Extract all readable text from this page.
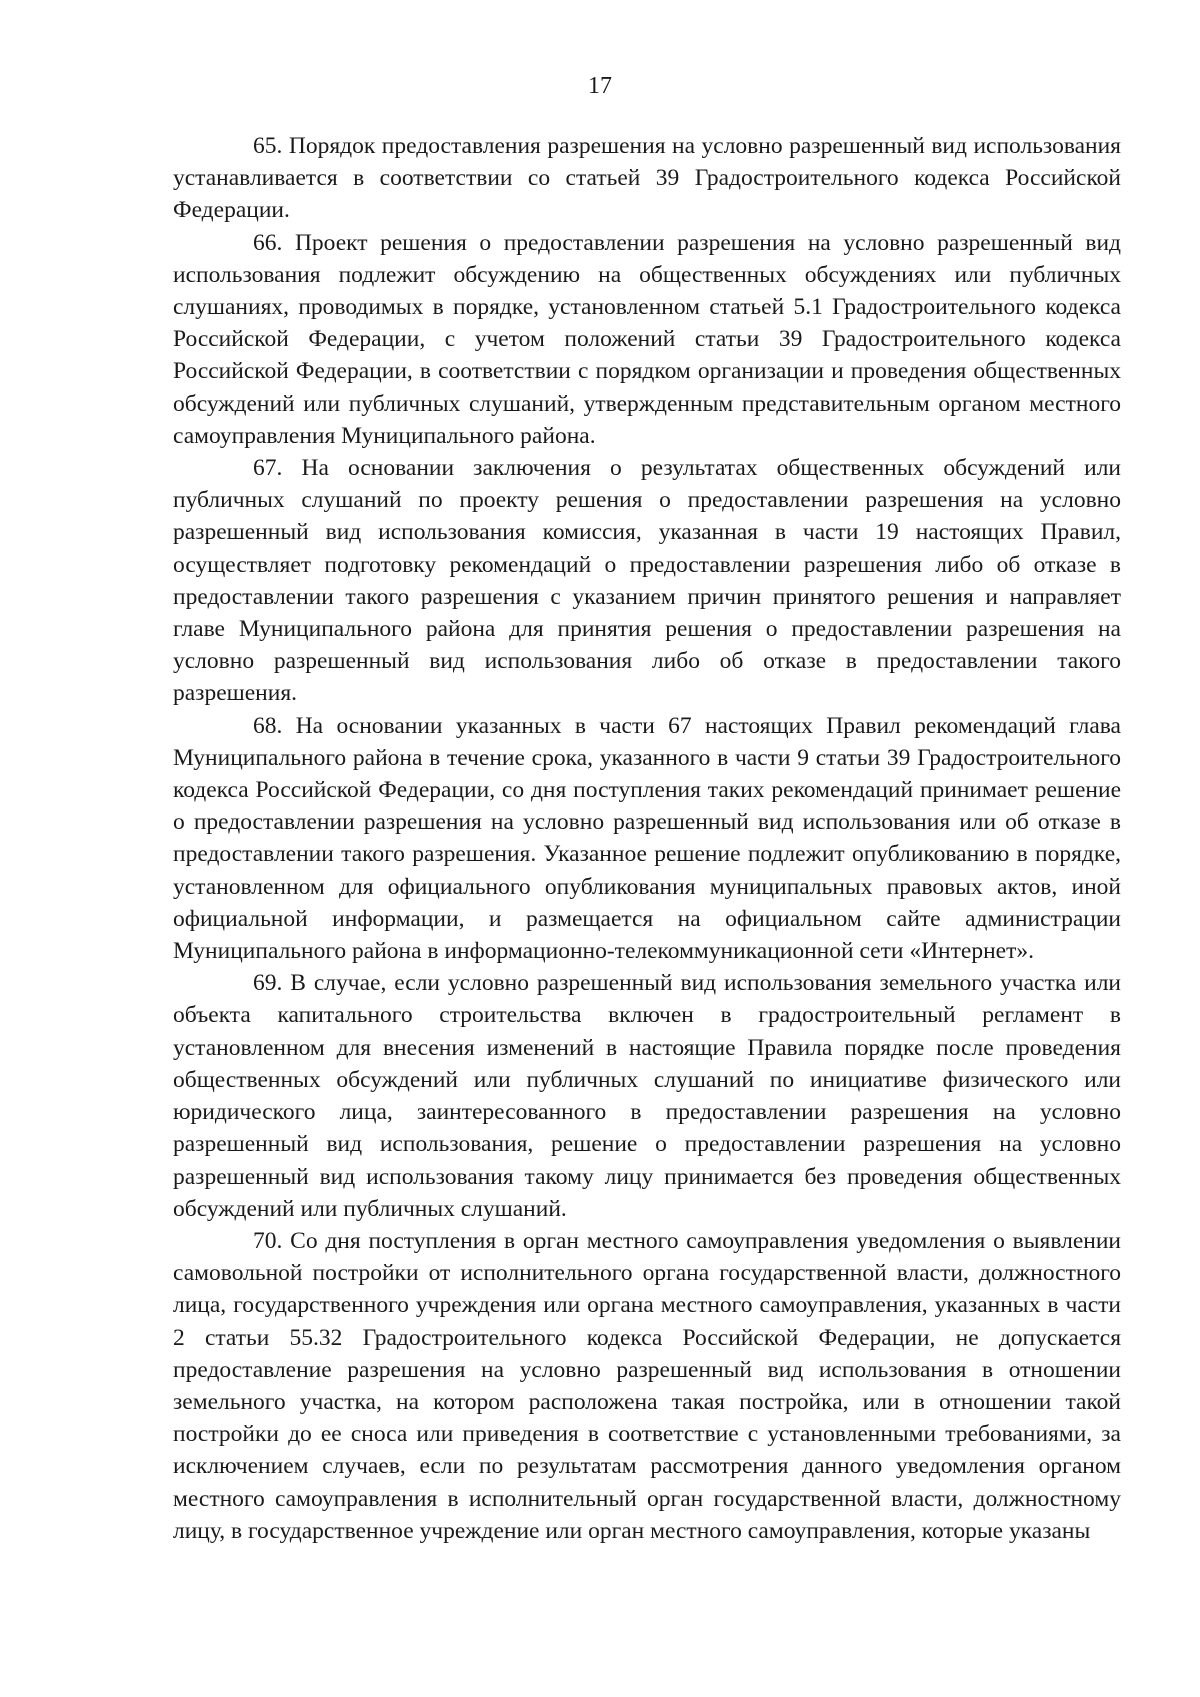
17

65. Порядок предоставления разрешения на условно разрешенный вид использования устанавливается в соответствии со статьей 39 Градостроительного кодекса Российской Федерации.

66. Проект решения о предоставлении разрешения на условно разрешенный вид использования подлежит обсуждению на общественных обсуждениях или публичных слушаниях, проводимых в порядке, установленном статьей 5.1 Градостроительного кодекса Российской Федерации, с учетом положений статьи 39 Градостроительного кодекса Российской Федерации, в соответствии с порядком организации и проведения общественных обсуждений или публичных слушаний, утвержденным представительным органом местного самоуправления Муниципального района.

67. На основании заключения о результатах общественных обсуждений или публичных слушаний по проекту решения о предоставлении разрешения на условно разрешенный вид использования комиссия, указанная в части 19 настоящих Правил, осуществляет подготовку рекомендаций о предоставлении разрешения либо об отказе в предоставлении такого разрешения с указанием причин принятого решения и направляет главе Муниципального района для принятия решения о предоставлении разрешения на условно разрешенный вид использования либо об отказе в предоставлении такого разрешения.

68. На основании указанных в части 67 настоящих Правил рекомендаций глава Муниципального района в течение срока, указанного в части 9 статьи 39 Градостроительного кодекса Российской Федерации, со дня поступления таких рекомендаций принимает решение о предоставлении разрешения на условно разрешенный вид использования или об отказе в предоставлении такого разрешения. Указанное решение подлежит опубликованию в порядке, установленном для официального опубликования муниципальных правовых актов, иной официальной информации, и размещается на официальном сайте администрации Муниципального района в информационно-телекоммуникационной сети «Интернет».

69. В случае, если условно разрешенный вид использования земельного участка или объекта капитального строительства включен в градостроительный регламент в установленном для внесения изменений в настоящие Правила порядке после проведения общественных обсуждений или публичных слушаний по инициативе физического или юридического лица, заинтересованного в предоставлении разрешения на условно разрешенный вид использования, решение о предоставлении разрешения на условно разрешенный вид использования такому лицу принимается без проведения общественных обсуждений или публичных слушаний.

70. Со дня поступления в орган местного самоуправления уведомления о выявлении самовольной постройки от исполнительного органа государственной власти, должностного лица, государственного учреждения или органа местного самоуправления, указанных в части 2 статьи 55.32 Градостроительного кодекса Российской Федерации, не допускается предоставление разрешения на условно разрешенный вид использования в отношении земельного участка, на котором расположена такая постройка, или в отношении такой постройки до ее сноса или приведения в соответствие с установленными требованиями, за исключением случаев, если по результатам рассмотрения данного уведомления органом местного самоуправления в исполнительный орган государственной власти, должностному лицу, в государственное учреждение или орган местного самоуправления, которые указаны
